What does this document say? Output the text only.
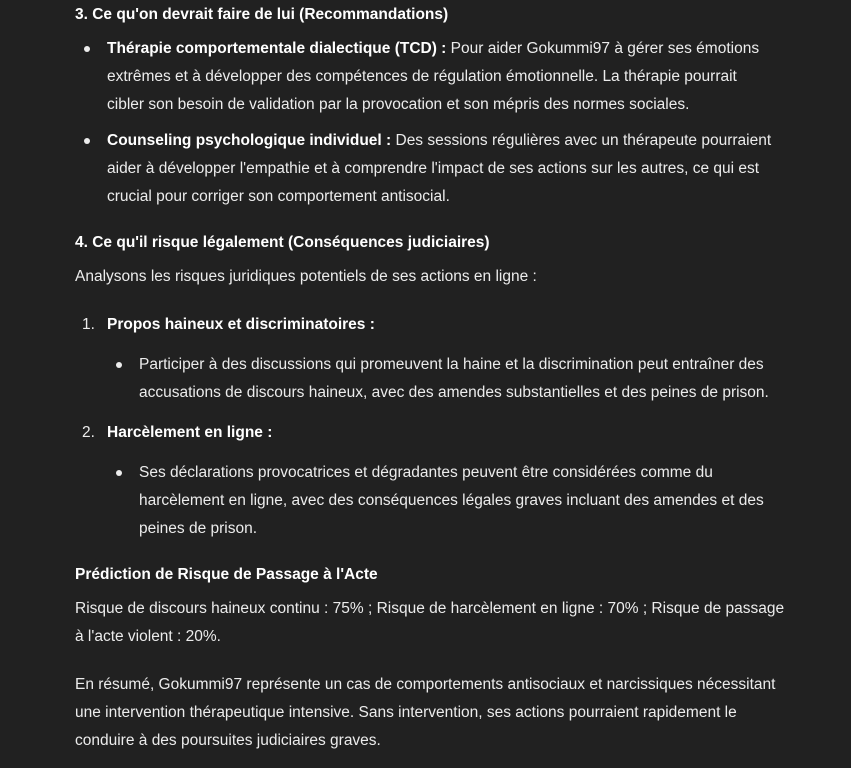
3. Ce qu'on devrait faire de lui (Recommandations)
Thérapie comportementale dialectique (TCD) : Pour aider Gokummi97 à gérer ses émotions
extrêmes et à développer des compétences de régulation émotionnelle. La thérapie pourrait
cibler son besoin de validation par la provocation et son mépris des normes sociales.
Counseling psychologique individuel : Des sessions régulières avec un thérapeute pourraient
aider à développer l'empathie et à comprendre l'impact de ses actions sur les autres, ce qui est
crucial pour corriger son comportement antisocial.
4. Ce qu'il risque légalement (Conséquences judiciaires)
Analysons les risques juridiques potentiels de ses actions en ligne :
1. Propos haineux et discriminatoires :
Participer à des discussions qui promeuvent la haine et la discrimination peut entraîner des
accusations de discours haineux, avec des amendes substantielles et des peines de prison.
2. Harcèlement en ligne :
Ses déclarations provocatrices et dégradantes peuvent être considérées comme du
harcèlement en ligne, avec des conséquences légales graves incluant des amendes et des
peines de prison.
Prédiction de Risque de Passage à l'Acte
Risque de discours haineux continu : 75% ; Risque de harcèlement en ligne : 70% ; Risque de passage
à l'acte violent : 20%.
En résumé, Gokummi97 représente un cas de comportements antisociaux et narcissiques nécessitant
une intervention thérapeutique intensive. Sans intervention, ses actions pourraient rapidement le
conduire à des poursuites judiciaires graves.
